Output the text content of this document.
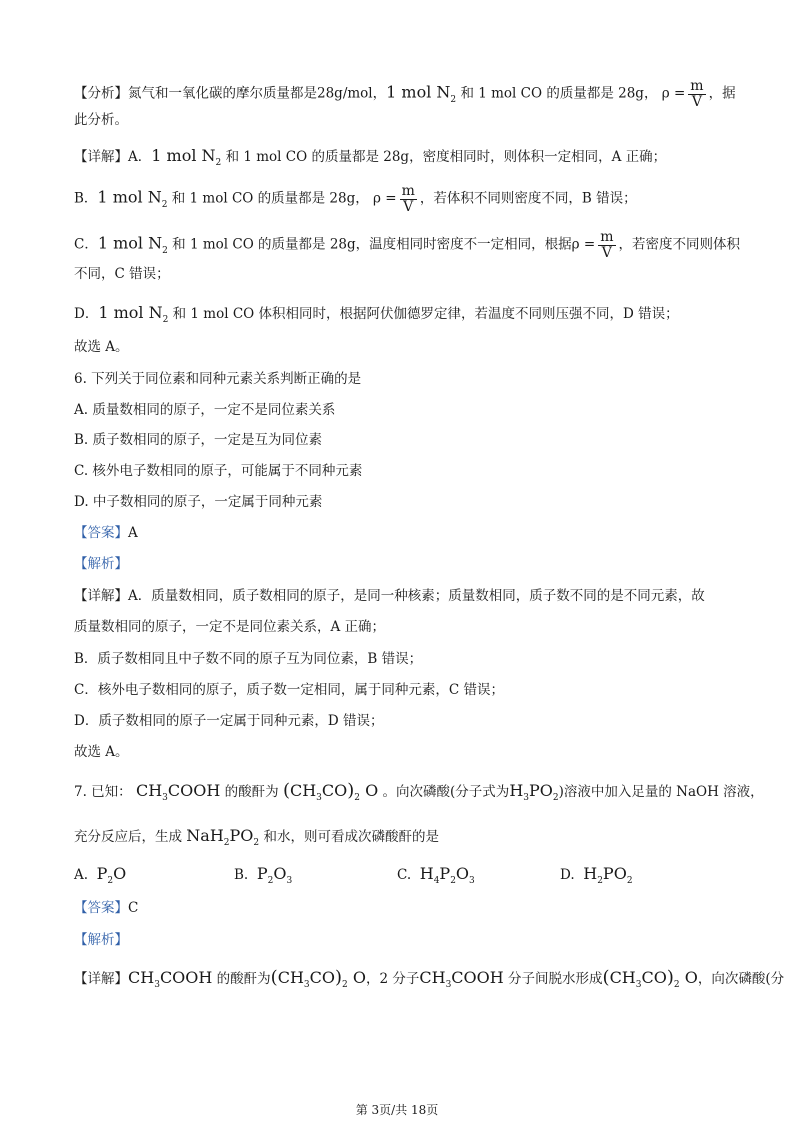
【分析】氮气和一氧化碳的摩尔质量都是28g/mol，1 mol $N_2$ 和 1 mol CO 的质量都是 28g， $\rho = \frac{m}{V}$ ，据
此分析。
【详解】A．1 mol $N_2$ 和 1 mol CO 的质量都是 28g，密度相同时，则体积一定相同，A 正确；
B．1 mol $N_2$ 和 1 mol CO 的质量都是 28g， $\rho = \frac{m}{V}$ ，若体积不同则密度不同，B 错误；
C．1 mol $N_2$ 和 1 mol CO 的质量都是 28g，温度相同时密度不一定相同，根据$\rho = \frac{m}{V}$ ，若密度不同则体积
不同，C 错误；
D．1 mol $N_2$ 和 1 mol CO 体积相同时，根据阿伏伽德罗定律，若温度不同则压强不同，D 错误；
故选 A。
6. 下列关于同位素和同种元素关系判断正确的是
A. 质量数相同的原子，一定不是同位素关系
B. 质子数相同的原子，一定是互为同位素
C. 核外电子数相同的原子，可能属于不同种元素
D. 中子数相同的原子，一定属于同种元素
【答案】A
【解析】
【详解】A．质量数相同，质子数相同的原子，是同一种核素；质量数相同，质子数不同的是不同元素，故
质量数相同的原子，一定不是同位素关系，A 正确；
B．质子数相同且中子数不同的原子互为同位素，B 错误；
C．核外电子数相同的原子，质子数一定相同，属于同种元素，C 错误；
D．质子数相同的原子一定属于同种元素，D 错误；
故选 A。
7. 已知： $CH_3COOH$ 的酸酐为 $(CH_3CO)_2$ O 。向次磷酸(分子式为$H_3PO_2$)溶液中加入足量的 NaOH 溶液，
充分反应后，生成 $NaH_2PO_2$ 和水，则可看成次磷酸酐的是
A. $P_2O$	B. $P_2O_3$	C. $H_4P_2O_3$	D. $H_2PO_2$
【答案】C
【解析】
【详解】$CH_3COOH$ 的酸酐为$(CH_3CO)_2$ O，2 分子$CH_3COOH$ 分子间脱水形成$(CH_3CO)_2$ O，向次磷酸(分
第 3页/共 18页
